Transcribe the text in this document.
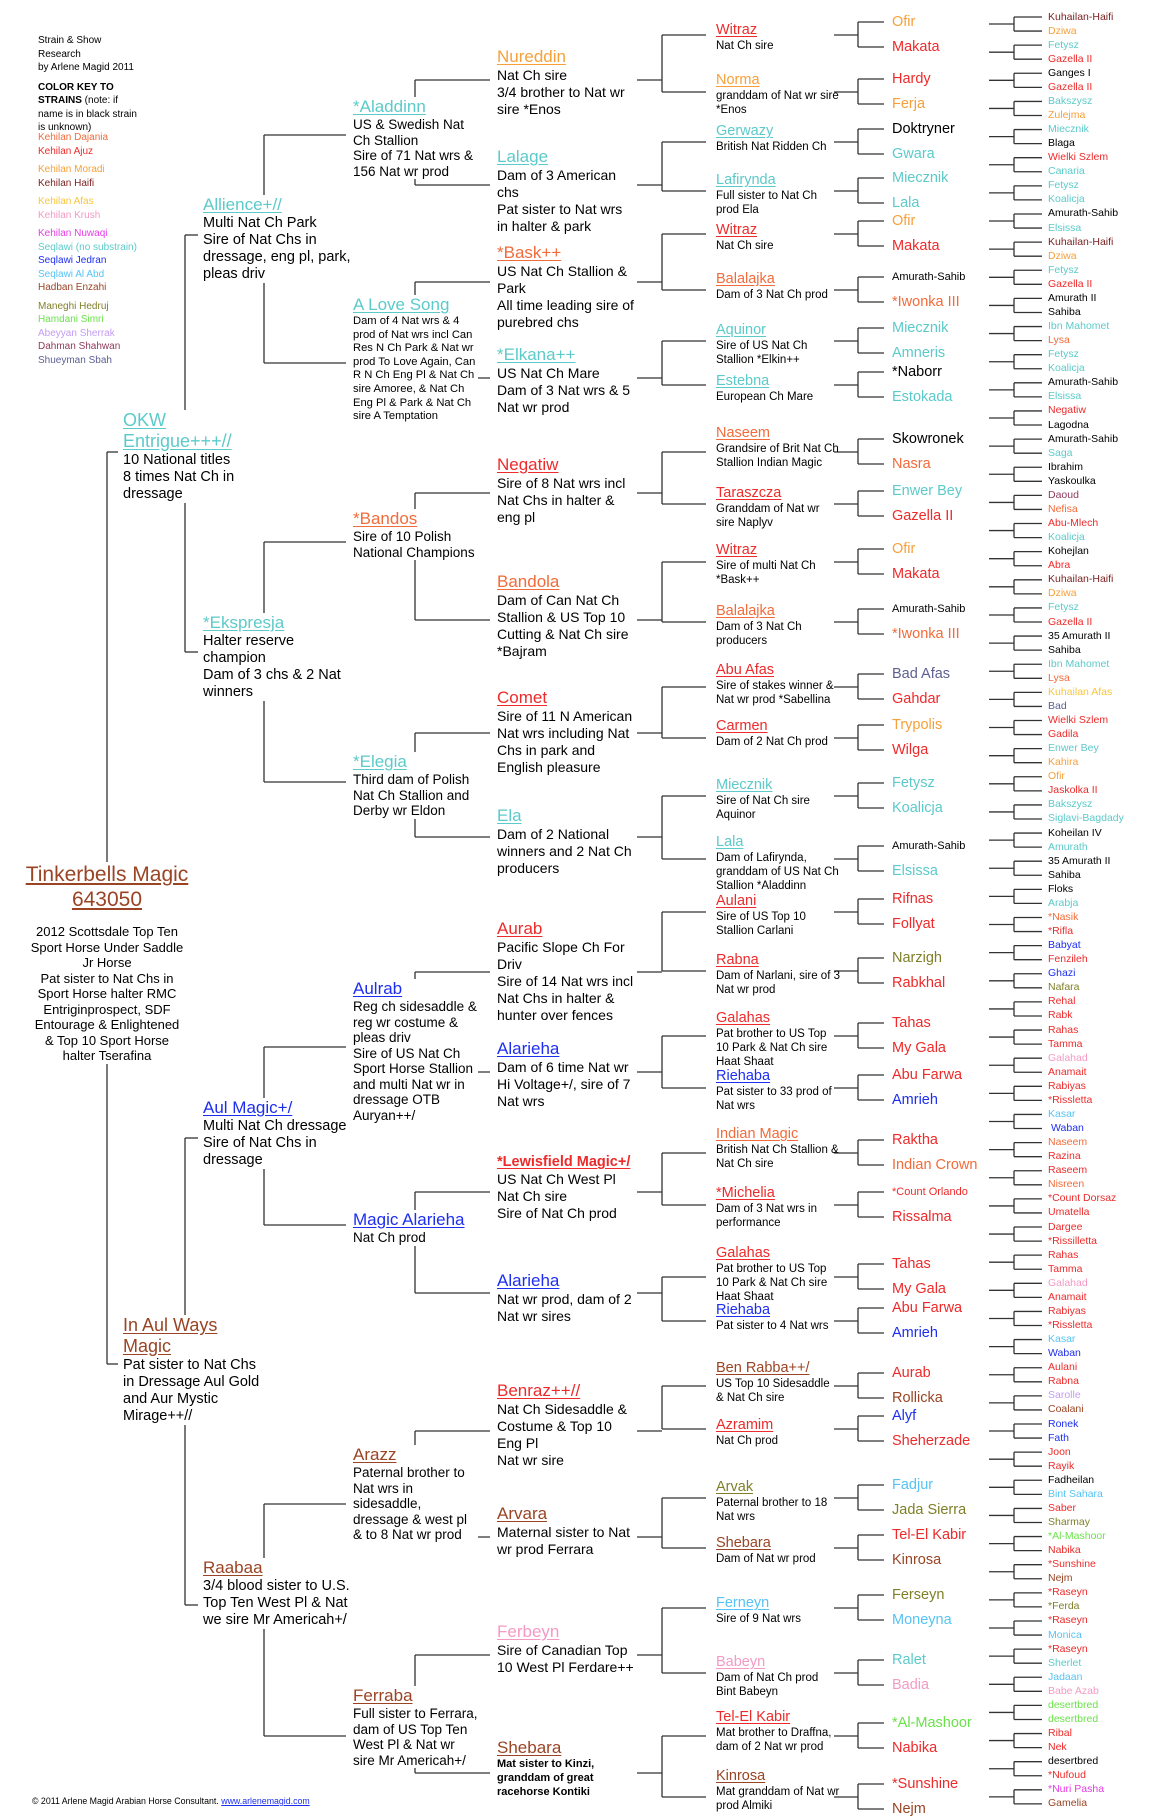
Strain & Show Research
by Arlene Magid 2011
COLOR KEY TO STRAINS (note: if name is in black strain is unknown)
Kehilan Dajania
Kehilan Ajuz
Kehilan Moradi
Kehilan Haifi
Kehilan Afas
Kehilan Krush
Kehilan Nuwaqi
Seqlawi (no substrain)
Seqlawi Jedran
Seqlawi Al Abd
Hadban Enzahi
Maneghi Hedruj
Hamdani Simri
Abeyyan Sherrak
Dahman Shahwan
Shueyman Sbah
© 2011 Arlene Magid Arabian Horse Consultant. www.arlenemagid.com
Tinkerbells Magic 643050
2012 Scottsdale Top Ten
Sport Horse Under Saddle
Jr Horse
Pat sister to Nat Chs in
Sport Horse halter RMC
Entriginprospect, SDF
Entourage & Enlightened
& Top 10 Sport Horse
halter Tserafina
OKW Entrigue+++//
10 National titles
8 times Nat Ch in dressage
In Aul Ways Magic
Pat sister to Nat Chs in Dressage Aul Gold and Aur Mystic Mirage++//
Allience+//
Multi Nat Ch Park
Sire of Nat Chs in dressage, eng pl, park, pleas driv
*Ekspresja
Halter reserve champion
Dam of 3 chs & 2 Nat winners
Aul Magic+/
Multi Nat Ch dressage
Sire of Nat Chs in dressage
Raabaa
3/4 blood sister to U.S. Top Ten West Pl & Nat we sire Mr Americah+/
*Aladdinn
US & Swedish Nat Ch Stallion
Sire of 71 Nat wrs & 156 Nat wr prod
A Love Song
Dam of 4 Nat wrs & 4 prod of Nat wrs incl Can Res N Ch Park & Nat wr prod To Love Again, Can R N Ch Eng Pl & Nat Ch sire Amoree, & Nat Ch Eng Pl & Park & Nat Ch sire A Temptation
*Bandos
Sire of 10 Polish National Champions
*Elegia
Third dam of Polish Nat Ch Stallion and Derby wr Eldon
Aulrab
Reg ch sidesaddle & reg wr costume & pleas driv
Sire of US Nat Ch Sport Horse Stallion and multi Nat wr in dressage OTB Auryan++/
Magic Alarieha
Nat Ch prod
Arazz
Paternal brother to Nat wrs in sidesaddle, dressage & west pl & to 8 Nat wr prod
Ferraba
Full sister to Ferrara, dam of US Top Ten West Pl & Nat wr sire Mr Americah+/
Nureddin
Nat Ch sire
3/4 brother to Nat wr sire *Enos
Lalage
Dam of 3 American chs
Pat sister to Nat wrs in halter & park
*Bask++
US Nat Ch Stallion & Park
All time leading sire of purebred chs
*Elkana++
US Nat Ch Mare
Dam of 3 Nat wrs & 5 Nat wr prod
Negatiw
Sire of 8 Nat wrs incl Nat Chs in halter & eng pl
Bandola
Dam of Can Nat Ch Stallion & US Top 10 Cutting & Nat Ch sire *Bajram
Comet
Sire of 11 N American Nat wrs including Nat Chs in park and English pleasure
Ela
Dam of 2 National winners and 2 Nat Ch producers
Aurab
Pacific Slope Ch For Driv
Sire of 14 Nat wrs incl Nat Chs in halter & hunter over fences
Alarieha
Dam of 6 time Nat wr Hi Voltage+/, sire of 7 Nat wrs
*Lewisfield Magic+/
US Nat Ch West Pl
Nat Ch sire
Sire of Nat Ch prod
Alarieha
Nat wr prod, dam of 2 Nat wr sires
Benraz++//
Nat Ch Sidesaddle & Costume & Top 10 Eng Pl
Nat wr sire
Arvara
Maternal sister to Nat wr prod Ferrara
Ferbeyn
Sire of Canadian Top 10 West Pl Ferdare++
Shebara
Mat sister to Kinzi, granddam of great racehorse Kontiki
Witraz
Nat Ch sire
Norma
granddam of Nat wr sire *Enos
Gerwazy
British Nat Ridden Ch
Lafirynda
Full sister to Nat Ch prod Ela
Witraz
Nat Ch sire
Balalajka
Dam of 3 Nat Ch prod
Aquinor
Sire of US Nat Ch Stallion *Elkin++
Estebna
European Ch Mare
Naseem
Grandsire of Brit Nat Ch Stallion Indian Magic
Taraszcza
Granddam of Nat wr sire Naplyv
Witraz
Sire of multi Nat Ch *Bask++
Balalajka
Dam of 3 Nat Ch producers
Abu Afas
Sire of stakes winner & Nat wr prod *Sabellina
Carmen
Dam of 2 Nat Ch prod
Miecznik
Sire of Nat Ch sire Aquinor
Lala
Dam of Lafirynda, granddam of US Nat Ch Stallion *Aladdinn
Aulani
Sire of US Top 10 Stallion Carlani
Rabna
Dam of Narlani, sire of 3 Nat wr prod
Galahas
Pat brother to US Top 10 Park & Nat Ch sire Haat Shaat
Riehaba
Pat sister to 33 prod of Nat wrs
Indian Magic
British Nat Ch Stallion & Nat Ch sire
*Michelia
Dam of 3 Nat wrs in performance
Galahas
Pat brother to US Top 10 Park & Nat Ch sire Haat Shaat
Riehaba
Pat sister to 4 Nat wrs
Ben Rabba++/
US Top 10 Sidesaddle & Nat Ch sire
Azramim
Nat Ch prod
Arvak
Paternal brother to 18 Nat wrs
Shebara
Dam of Nat wr prod
Ferneyn
Sire of 9 Nat wrs
Babeyn
Dam of Nat Ch prod Bint Babeyn
Tel-El Kabir
Mat brother to Draffna, dam of 2 Nat wr prod
Kinrosa
Mat granddam of Nat wr prod Almiki
Ofir
Makata
Hardy
Ferja
Doktryner
Gwara
Miecznik
Lala
Ofir
Makata
Amurath-Sahib
*Iwonka III
Miecznik
Amneris
*Naborr
Estokada
Skowronek
Nasra
Enwer Bey
Gazella II
Ofir
Makata
Amurath-Sahib
*Iwonka III
Bad Afas
Gahdar
Trypolis
Wilga
Fetysz
Koalicja
Amurath-Sahib
Elsissa
Rifnas
Follyat
Narzigh
Rabkhal
Tahas
My Gala
Abu Farwa
Amrieh
Raktha
Indian Crown
*Count Orlando
Rissalma
Tahas
My Gala
Abu Farwa
Amrieh
Aurab
Rollicka
Alyf
Sheherzade
Fadjur
Jada Sierra
Tel-El Kabir
Kinrosa
Ferseyn
Moneyna
Ralet
Badia
*Al-Mashoor
Nabika
*Sunshine
Nejm
Kuhailan-Haifi
Dziwa
Fetysz
Gazella II
Ganges I
Gazella II
Bakszysz
Zulejma
Miecznik
Blaga
Wielki Szlem
Canaria
Fetysz
Koalicja
Amurath-Sahib
Elsissa
Kuhailan-Haifi
Dziwa
Fetysz
Gazella II
Amurath II
Sahiba
Ibn Mahomet
Lysa
Fetysz
Koalicja
Amurath-Sahib
Elsissa
Negatiw
Lagodna
Amurath-Sahib
Saga
Ibrahim
Yaskoulka
Daoud
Nefisa
Abu-Mlech
Koalicja
Kohejlan
Abra
Kuhailan-Haifi
Dziwa
Fetysz
Gazella II
35 Amurath II
Sahiba
Ibn Mahomet
Lysa
Kuhailan Afas
Bad
Wielki Szlem
Gadila
Enwer Bey
Kahira
Ofir
Jaskolka II
Bakszysz
Siglavi-Bagdady
Koheilan IV
Amurath
35 Amurath II
Sahiba
Floks
Arabja
*Nasik
*Rifla
Babyat
Fenzileh
Ghazi
Nafara
Rehal
Rabk
Rahas
Tamma
Galahad
Anamait
Rabiyas
*Rissletta
Kasar
Waban
Naseem
Razina
Raseem
Nisreen
*Count Dorsaz
Umatella
Dargee
*Rissilletta
Rahas
Tamma
Galahad
Anamait
Rabiyas
*Rissletta
Kasar
Waban
Aulani
Rabna
Sarolle
Coalani
Ronek
Fath
Joon
Rayik
Fadheilan
Bint Sahara
Saber
Sharmay
*Al-Mashoor
Nabika
*Sunshine
Nejm
*Raseyn
*Ferda
*Raseyn
Monica
*Raseyn
Sherlet
Jadaan
Babe Azab
desertbred
desertbred
Ribal
Nek
desertbred
*Nufoud
*Nuri Pasha
Gamelia
